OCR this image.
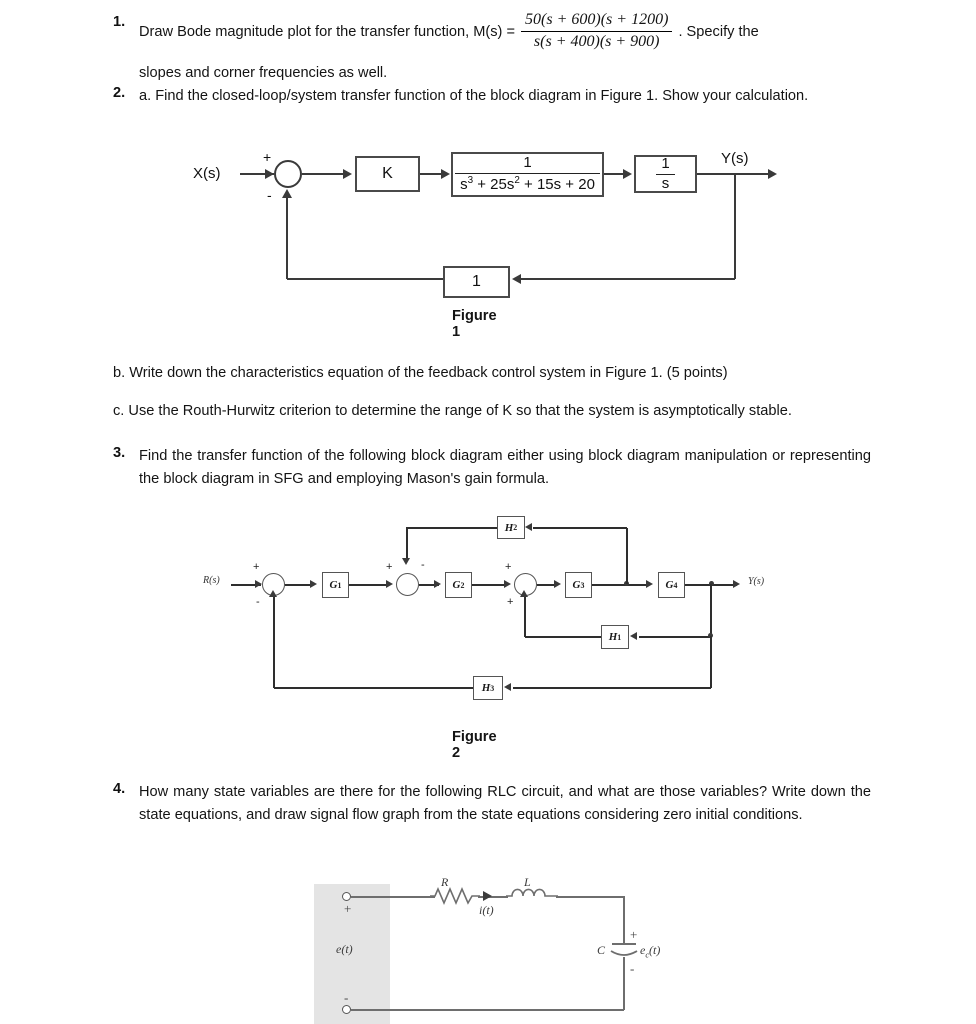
1.
Draw Bode magnitude plot for the transfer function, $M(s) = \frac{50(s + 600)(s + 1200)}{s(s + 400)(s + 900)}$ . Specify the
slopes and corner frequencies as well.
2. a. Find the closed-loop/system transfer function of the block diagram in Figure 1. Show your calculation.
X(s)
+
-
K	$\frac{1}{s^3 + 25s^2 + 15s + 20}$	$\frac{1}{s}$	Y(s)
1
Figure 1
b. Write down the characteristics equation of the feedback control system in Figure 1. (5 points)
c. Use the Routh-Hurwitz criterion to determine the range of K so that the system is asymptotically stable.
3. Find the transfer function of the following block diagram either using block diagram manipulation or representing the block diagram in SFG and employing Mason's gain formula.
R(s)
+
-
G 1
+	-
G 2
+
+
G 3	G 4	Y(s)
H 2
H 1
H 3
Figure 2
4. How many state variables are there for the following RLC circuit, and what are those variables? Write down the state equations, and draw signal flow graph from the state equations considering zero initial conditions.
+
-
e(t)
R
i(t)
L
C
+
-
$e_c(t)$
